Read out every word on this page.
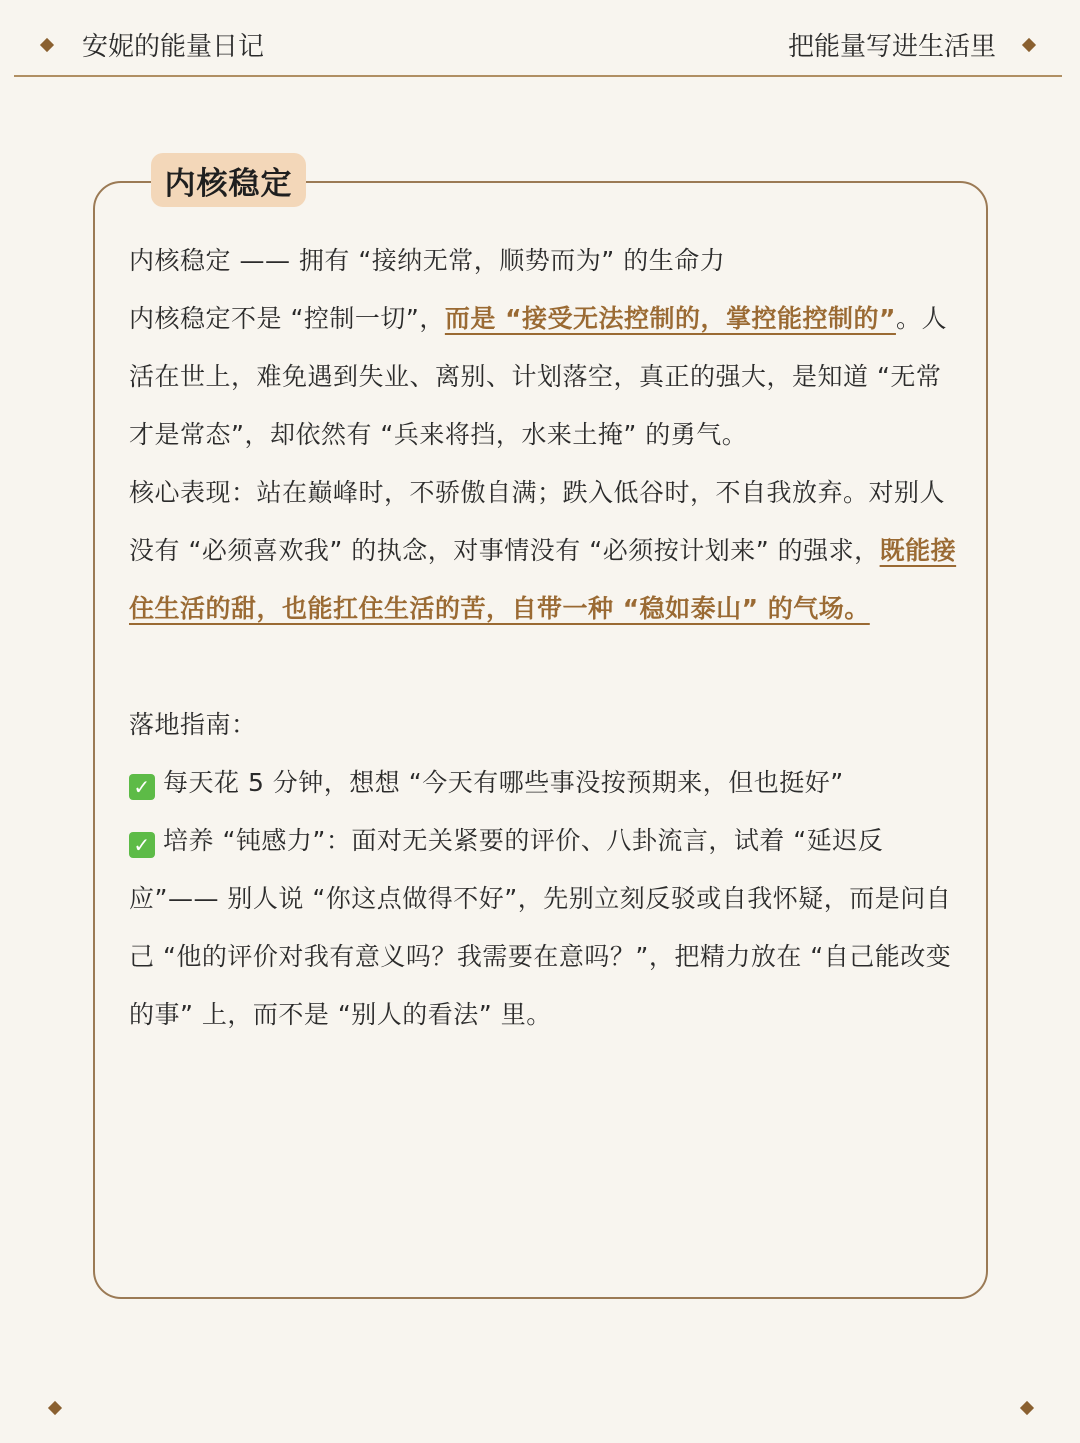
安妮的能量日记	把能量写进生活里
内核稳定

内核稳定 —— 拥有 “接纳无常，顺势而为” 的生命力

内核稳定不是 “控制一切”，而是 “接受无法控制的，掌控能控制的”。人活在世上，难免遇到失业、离别、计划落空，真正的强大，是知道 “无常才是常态”，却依然有 “兵来将挡，水来土掩” 的勇气。

核心表现：站在巅峰时，不骄傲自满；跌入低谷时，不自我放弃。对别人没有 “必须喜欢我” 的执念，对事情没有 “必须按计划来” 的强求，既能接住生活的甜，也能扛住生活的苦，自带一种 “稳如泰山” 的气场。

落地指南：

✓ 每天花 5 分钟，想想 “今天有哪些事没按预期来，但也挺好”

✓ 培养 “钝感力”：面对无关紧要的评价、八卦流言，试着 “延迟反应”—— 别人说 “你这点做得不好”，先别立刻反驳或自我怀疑，而是问自己 “他的评价对我有意义吗？我需要在意吗？”，把精力放在 “自己能改变的事” 上，而不是 “别人的看法” 里。
